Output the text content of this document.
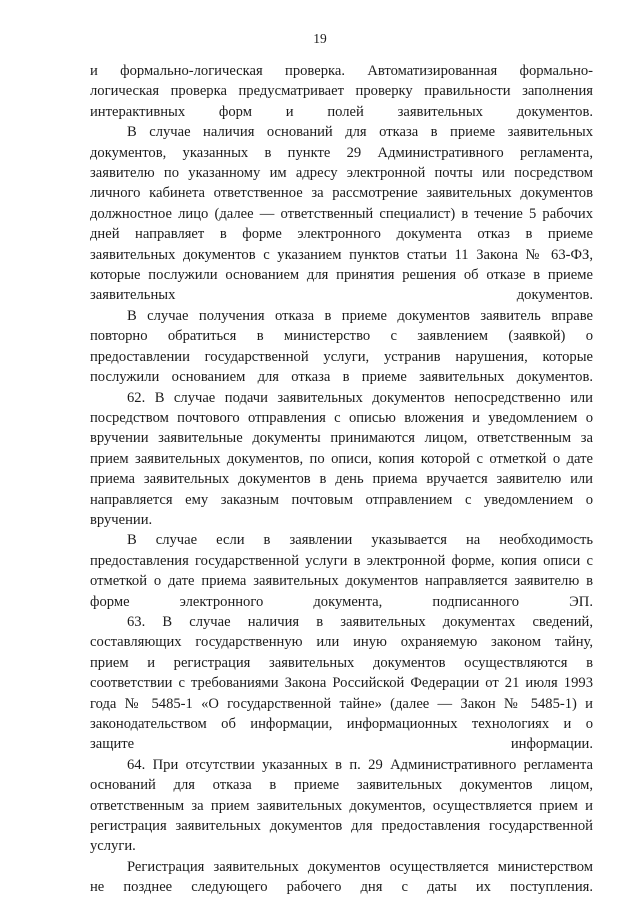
19

и формально-логическая проверка. Автоматизированная формально-
логическая проверка предусматривает проверку правильности заполнения
интерактивных форм и полей заявительных документов.

В случае наличия оснований для отказа в приеме заявительных
документов, указанных в пункте 29 Административного регламента,
заявителю по указанному им адресу электронной почты или посредством
личного кабинета ответственное за рассмотрение заявительных документов
должностное лицо (далее — ответственный специалист) в течение 5 рабочих
дней направляет в форме электронного документа отказ в приеме
заявительных документов с указанием пунктов статьи 11 Закона № 63-ФЗ,
которые послужили основанием для принятия решения об отказе в приеме
заявительных документов.

В случае получения отказа в приеме документов заявитель вправе
повторно обратиться в министерство с заявлением (заявкой) о
предоставлении государственной услуги, устранив нарушения, которые
послужили основанием для отказа в приеме заявительных документов.

62. В случае подачи заявительных документов непосредственно или
посредством почтового отправления с описью вложения и уведомлением о
вручении заявительные документы принимаются лицом, ответственным за
прием заявительных документов, по описи, копия которой с отметкой о дате
приема заявительных документов в день приема вручается заявителю или
направляется ему заказным почтовым отправлением с уведомлением о
вручении.

В случае если в заявлении указывается на необходимость
предоставления государственной услуги в электронной форме, копия описи с
отметкой о дате приема заявительных документов направляется заявителю в
форме электронного документа, подписанного ЭП.

63. В случае наличия в заявительных документах сведений,
составляющих государственную или иную охраняемую законом тайну,
прием и регистрация заявительных документов осуществляются в
соответствии с требованиями Закона Российской Федерации от 21 июля 1993
года № 5485-1 «О государственной тайне» (далее — Закон № 5485-1) и
законодательством об информации, информационных технологиях и о
защите информации.

64. При отсутствии указанных в п. 29 Административного регламента
оснований для отказа в приеме заявительных документов лицом,
ответственным за прием заявительных документов, осуществляется прием и
регистрация заявительных документов для предоставления государственной
услуги.

Регистрация заявительных документов осуществляется министерством
не позднее следующего рабочего дня с даты их поступления.
